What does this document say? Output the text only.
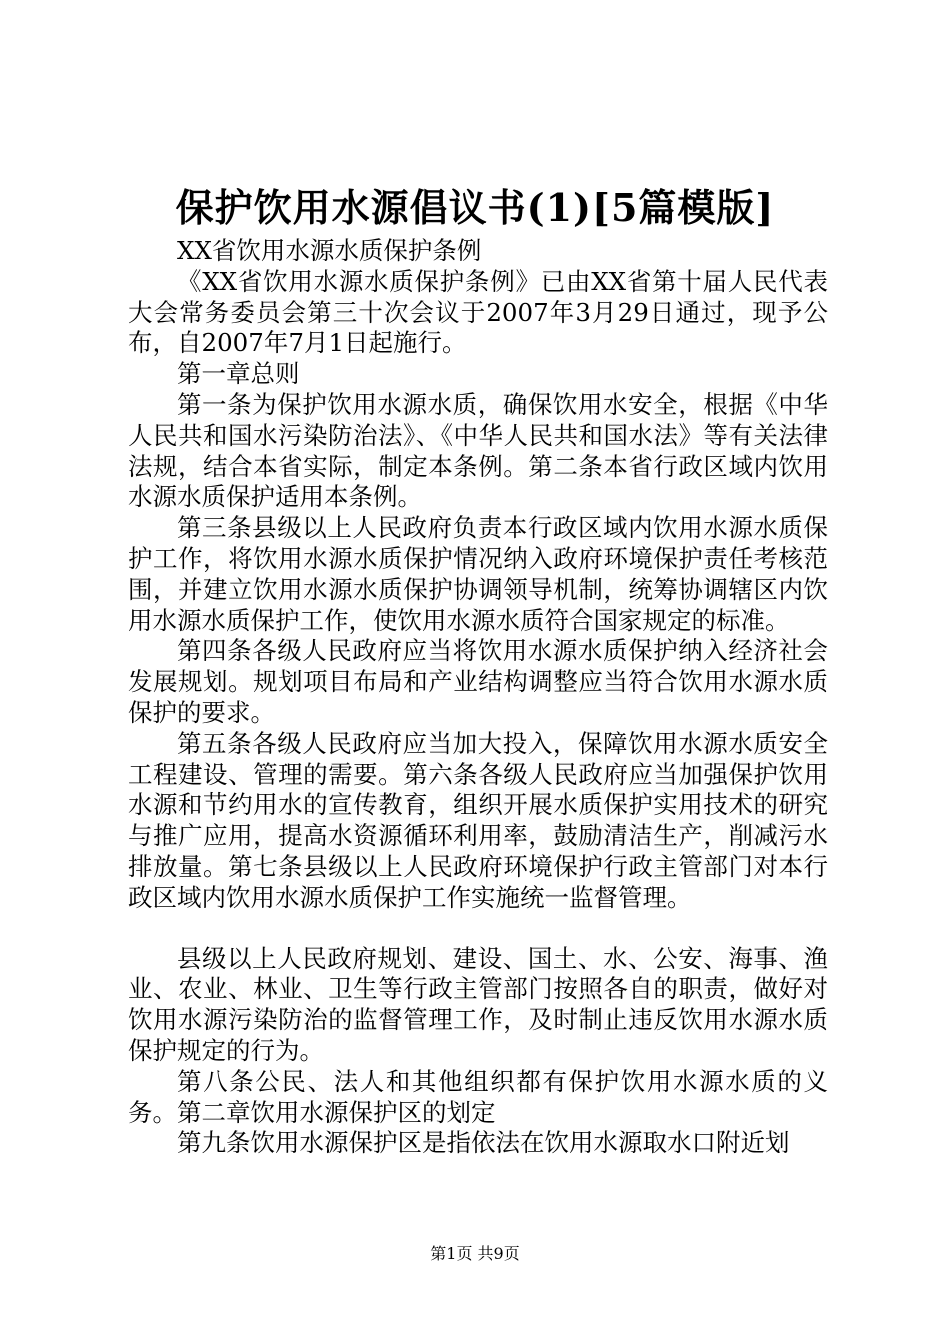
保护饮用水源倡议书(1)[5篇模版]

XX省饮用水源水质保护条例

《XX省饮用水源水质保护条例》已由XX省第十届人民代表大会常务委员会第三十次会议于2007年3月29日通过，现予公布，自2007年7月1日起施行。

第一章总则

第一条为保护饮用水源水质，确保饮用水安全，根据《中华人民共和国水污染防治法》、《中华人民共和国水法》等有关法律法规，结合本省实际，制定本条例。第二条本省行政区域内饮用水源水质保护适用本条例。

第三条县级以上人民政府负责本行政区域内饮用水源水质保护工作，将饮用水源水质保护情况纳入政府环境保护责任考核范围，并建立饮用水源水质保护协调领导机制，统筹协调辖区内饮用水源水质保护工作，使饮用水源水质符合国家规定的标准。

第四条各级人民政府应当将饮用水源水质保护纳入经济社会发展规划。规划项目布局和产业结构调整应当符合饮用水源水质保护的要求。

第五条各级人民政府应当加大投入，保障饮用水源水质安全工程建设、管理的需要。第六条各级人民政府应当加强保护饮用水源和节约用水的宣传教育，组织开展水质保护实用技术的研究与推广应用，提高水资源循环利用率，鼓励清洁生产，削减污水排放量。第七条县级以上人民政府环境保护行政主管部门对本行政区域内饮用水源水质保护工作实施统一监督管理。

县级以上人民政府规划、建设、国土、水、公安、海事、渔业、农业、林业、卫生等行政主管部门按照各自的职责，做好对饮用水源污染防治的监督管理工作，及时制止违反饮用水源水质保护规定的行为。

第八条公民、法人和其他组织都有保护饮用水源水质的义务。第二章饮用水源保护区的划定

第九条饮用水源保护区是指依法在饮用水源取水口附近划

第1页 共9页
